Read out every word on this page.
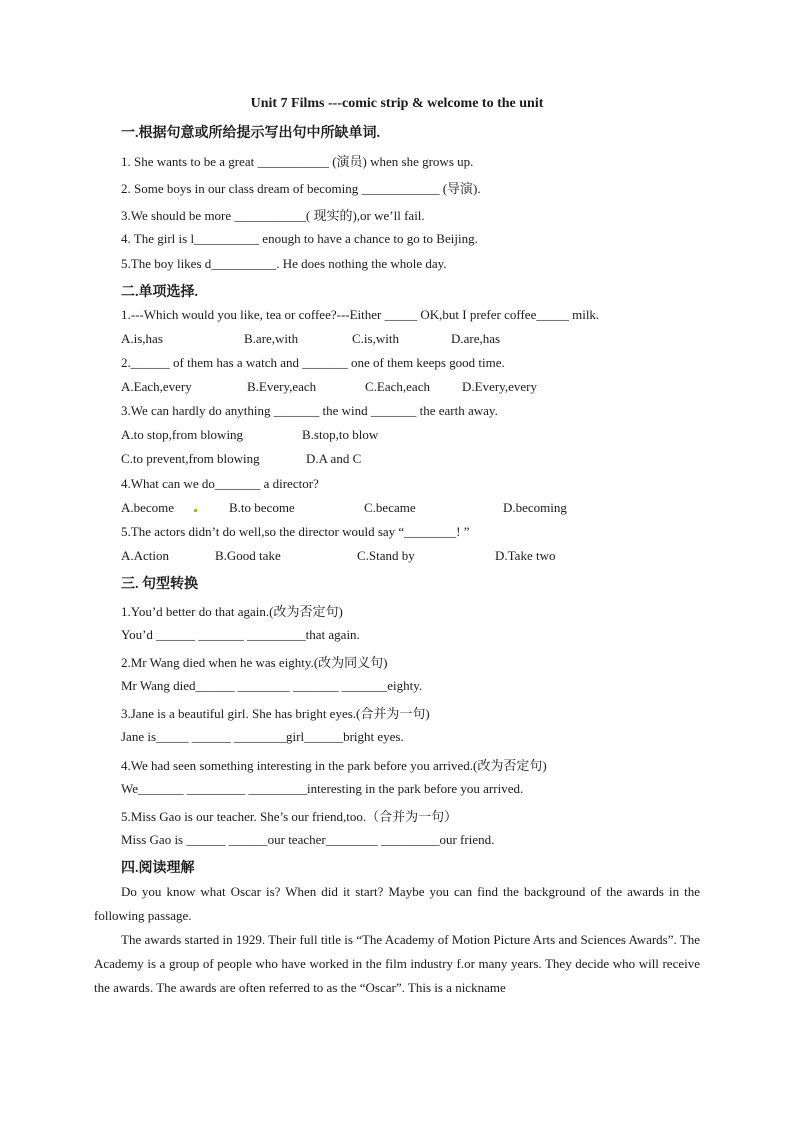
Unit 7 Films ---comic strip & welcome to the unit
一.根据句意或所给提示写出句中所缺单词.
1. She wants to be a great ___________ (演员) when she grows up.
2. Some boys in our class dream of becoming ____________ (导演).
3.We should be more ___________( 现实的),or we’ll fail.
4. The girl is l__________ enough to have a chance to go to Beijing.
5.The boy likes d__________. He does nothing the whole day.
二.单项选择.
1.---Which would you like, tea or coffee?---Either _____ OK,but I prefer coffee_____ milk.
A.is,has	B.are,with	C.is,with	D.are,has
2.______ of them has a watch and _______ one of them keeps good time.
A.Each,every	B.Every,each	C.Each,each D.Every,every
3.We can hardly do anything _______ the wind _______ the earth away.
A.to stop,from blowing	B.stop,to blow
C.to prevent,from blowing	D.A and C
4.What can we do_______ a director?
A.become	B.to become	C.became	D.becoming
5.The actors didn’t do well,so the director would say “________! ”
A.Action	B.Good take	C.Stand by	D.Take two
三. 句型转换
1.You’d better do that again.(改为否定句)
You’d ______ _______ _________that again.
2.Mr Wang died when he was eighty.(改为同义句)
Mr Wang died______ ________ _______ _______eighty.
3.Jane is a beautiful girl. She has bright eyes.(合并为一句)
Jane is_____ ______ ________girl______bright eyes.
4.We had seen something interesting in the park before you arrived.(改为否定句)
We_______ _________ _________interesting in the park before you arrived.
5.Miss Gao is our teacher. She’s our friend,too.（合并为一句）
Miss Gao is ______ ______our teacher________ _________our friend.
四.阅读理解
Do you know what Oscar is? When did it start? Maybe you can find the background of the awards in the following passage.
The awards started in 1929. Their full title is “The Academy of Motion Picture Arts and Sciences Awards”. The Academy is a group of people who have worked in the film industry f.or many years. They decide who will receive the awards. The awards are often referred to as the “Oscar”. This is a nickname
